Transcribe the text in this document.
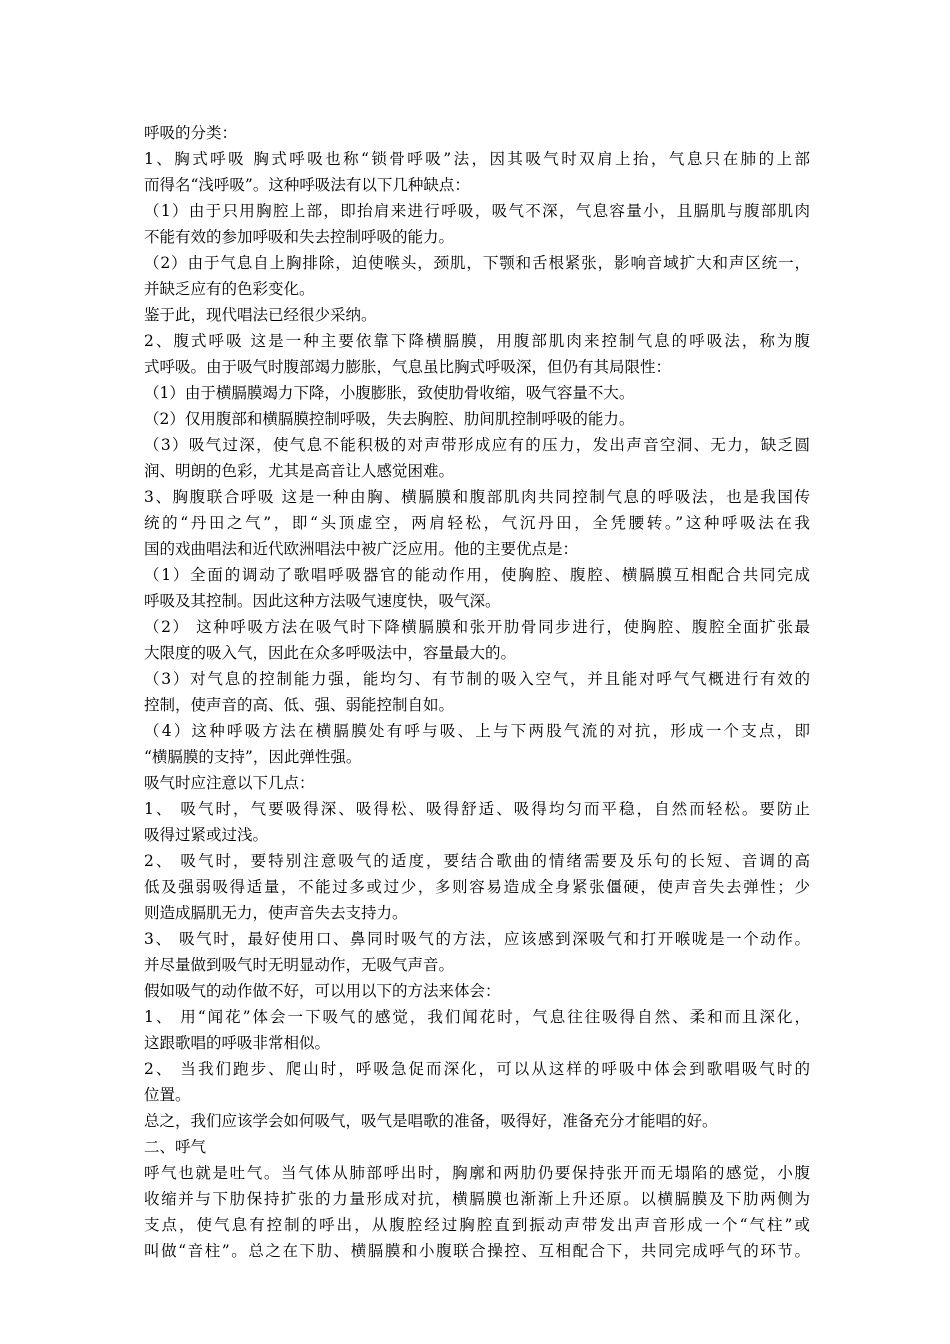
呼吸的分类：
1、胸式呼吸 胸式呼吸也称“锁骨呼吸”法，因其吸气时双肩上抬，气息只在肺的上部
而得名“浅呼吸”。这种呼吸法有以下几种缺点：
（1）由于只用胸腔上部，即抬肩来进行呼吸，吸气不深，气息容量小，且膈肌与腹部肌肉
不能有效的参加呼吸和失去控制呼吸的能力。
（2）由于气息自上胸排除，迫使喉头，颈肌，下颚和舌根紧张，影响音域扩大和声区统一，
并缺乏应有的色彩变化。
鉴于此，现代唱法已经很少采纳。
2、腹式呼吸 这是一种主要依靠下降横膈膜，用腹部肌肉来控制气息的呼吸法，称为腹
式呼吸。由于吸气时腹部竭力膨胀，气息虽比胸式呼吸深，但仍有其局限性：
（1）由于横膈膜竭力下降，小腹膨胀，致使肋骨收缩，吸气容量不大。
（2）仅用腹部和横膈膜控制呼吸，失去胸腔、肋间肌控制呼吸的能力。
（3）吸气过深，使气息不能积极的对声带形成应有的压力，发出声音空洞、无力，缺乏圆
润、明朗的色彩，尤其是高音让人感觉困难。
3、胸腹联合呼吸 这是一种由胸、横膈膜和腹部肌肉共同控制气息的呼吸法，也是我国传
统的“丹田之气”，即“头顶虚空，两肩轻松，气沉丹田，全凭腰转。”这种呼吸法在我
国的戏曲唱法和近代欧洲唱法中被广泛应用。他的主要优点是：
（1）全面的调动了歌唱呼吸器官的能动作用，使胸腔、腹腔、横膈膜互相配合共同完成
呼吸及其控制。因此这种方法吸气速度快，吸气深。
（2） 这种呼吸方法在吸气时下降横膈膜和张开肋骨同步进行，使胸腔、腹腔全面扩张最
大限度的吸入气，因此在众多呼吸法中，容量最大的。
（3）对气息的控制能力强，能均匀、有节制的吸入空气，并且能对呼气气概进行有效的
控制，使声音的高、低、强、弱能控制自如。
（4）这种呼吸方法在横膈膜处有呼与吸、上与下两股气流的对抗，形成一个支点，即
“横膈膜的支持”，因此弹性强。
吸气时应注意以下几点：
1、 吸气时，气要吸得深、吸得松、吸得舒适、吸得均匀而平稳，自然而轻松。要防止
吸得过紧或过浅。
2、 吸气时，要特别注意吸气的适度，要结合歌曲的情绪需要及乐句的长短、音调的高
低及强弱吸得适量，不能过多或过少，多则容易造成全身紧张僵硬，使声音失去弹性；少
则造成膈肌无力，使声音失去支持力。
3、 吸气时，最好使用口、鼻同时吸气的方法，应该感到深吸气和打开喉咙是一个动作。
并尽量做到吸气时无明显动作，无吸气声音。
假如吸气的动作做不好，可以用以下的方法来体会：
1、 用“闻花”体会一下吸气的感觉，我们闻花时，气息往往吸得自然、柔和而且深化，
这跟歌唱的呼吸非常相似。
2、 当我们跑步、爬山时，呼吸急促而深化，可以从这样的呼吸中体会到歌唱吸气时的
位置。
总之，我们应该学会如何吸气，吸气是唱歌的准备，吸得好，准备充分才能唱的好。
二、呼气
呼气也就是吐气。当气体从肺部呼出时，胸廓和两肋仍要保持张开而无塌陷的感觉，小腹
收缩并与下肋保持扩张的力量形成对抗，横膈膜也渐渐上升还原。以横膈膜及下肋两侧为
支点，使气息有控制的呼出，从腹腔经过胸腔直到振动声带发出声音形成一个“气柱”或
叫做“音柱”。总之在下肋、横膈膜和小腹联合操控、互相配合下，共同完成呼气的环节。
